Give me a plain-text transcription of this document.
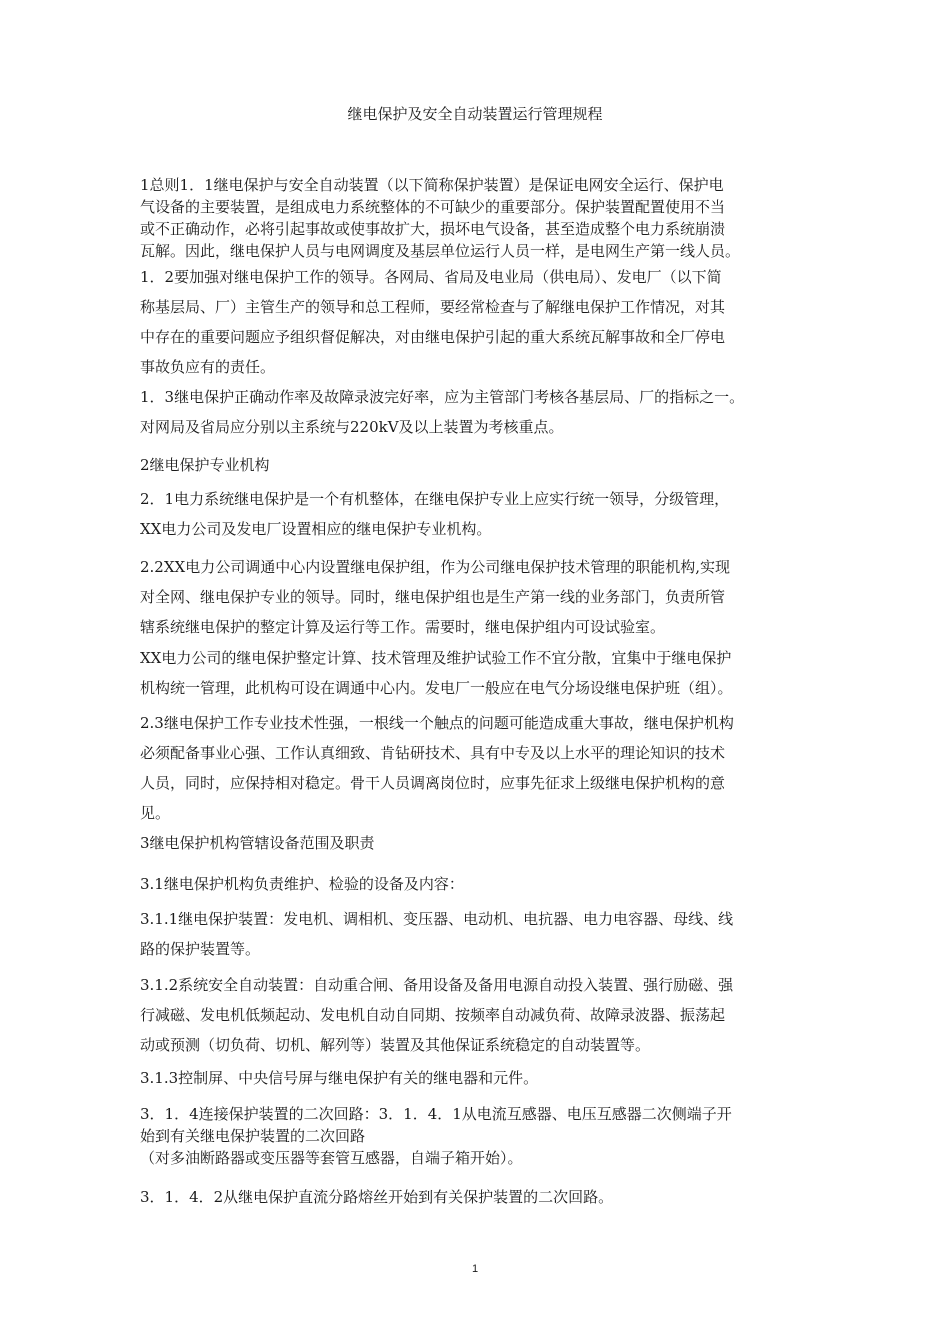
继电保护及安全自动装置运行管理规程

1总则1．1继电保护与安全自动装置（以下简称保护装置）是保证电网安全运行、保护电
气设备的主要装置，是组成电力系统整体的不可缺少的重要部分。保护装置配置使用不当
或不正确动作，必将引起事故或使事故扩大，损坏电气设备，甚至造成整个电力系统崩溃
瓦解。因此，继电保护人员与电网调度及基层单位运行人员一样，是电网生产第一线人员。

1．2要加强对继电保护工作的领导。各网局、省局及电业局（供电局）、发电厂（以下简
称基层局、厂）主管生产的领导和总工程师，要经常检查与了解继电保护工作情况，对其
中存在的重要问题应予组织督促解决，对由继电保护引起的重大系统瓦解事故和全厂停电
事故负应有的责任。

1．3继电保护正确动作率及故障录波完好率，应为主管部门考核各基层局、厂的指标之一。
对网局及省局应分别以主系统与220kV及以上装置为考核重点。

2继电保护专业机构

2．1电力系统继电保护是一个有机整体，在继电保护专业上应实行统一领导，分级管理，
XX电力公司及发电厂设置相应的继电保护专业机构。

2.2XX电力公司调通中心内设置继电保护组，作为公司继电保护技术管理的职能机构,实现
对全网、继电保护专业的领导。同时，继电保护组也是生产第一线的业务部门，负责所管
辖系统继电保护的整定计算及运行等工作。需要时，继电保护组内可设试验室。

XX电力公司的继电保护整定计算、技术管理及维护试验工作不宜分散，宜集中于继电保护
机构统一管理，此机构可设在调通中心内。发电厂一般应在电气分场设继电保护班（组）。

2.3继电保护工作专业技术性强，一根线一个触点的问题可能造成重大事故，继电保护机构
必须配备事业心强、工作认真细致、肯钻研技术、具有中专及以上水平的理论知识的技术
人员，同时，应保持相对稳定。骨干人员调离岗位时，应事先征求上级继电保护机构的意
见。

3继电保护机构管辖设备范围及职责

3.1继电保护机构负责维护、检验的设备及内容：

3.1.1继电保护装置：发电机、调相机、变压器、电动机、电抗器、电力电容器、母线、线
路的保护装置等。

3.1.2系统安全自动装置：自动重合闸、备用设备及备用电源自动投入装置、强行励磁、强
行减磁、发电机低频起动、发电机自动自同期、按频率自动减负荷、故障录波器、振荡起
动或预测（切负荷、切机、解列等）装置及其他保证系统稳定的自动装置等。

3.1.3控制屏、中央信号屏与继电保护有关的继电器和元件。

3．1．4连接保护装置的二次回路：3．1．4．1从电流互感器、电压互感器二次侧端子开
始到有关继电保护装置的二次回路
（对多油断路器或变压器等套管互感器，自端子箱开始）。

3．1．4．2从继电保护直流分路熔丝开始到有关保护装置的二次回路。

1
